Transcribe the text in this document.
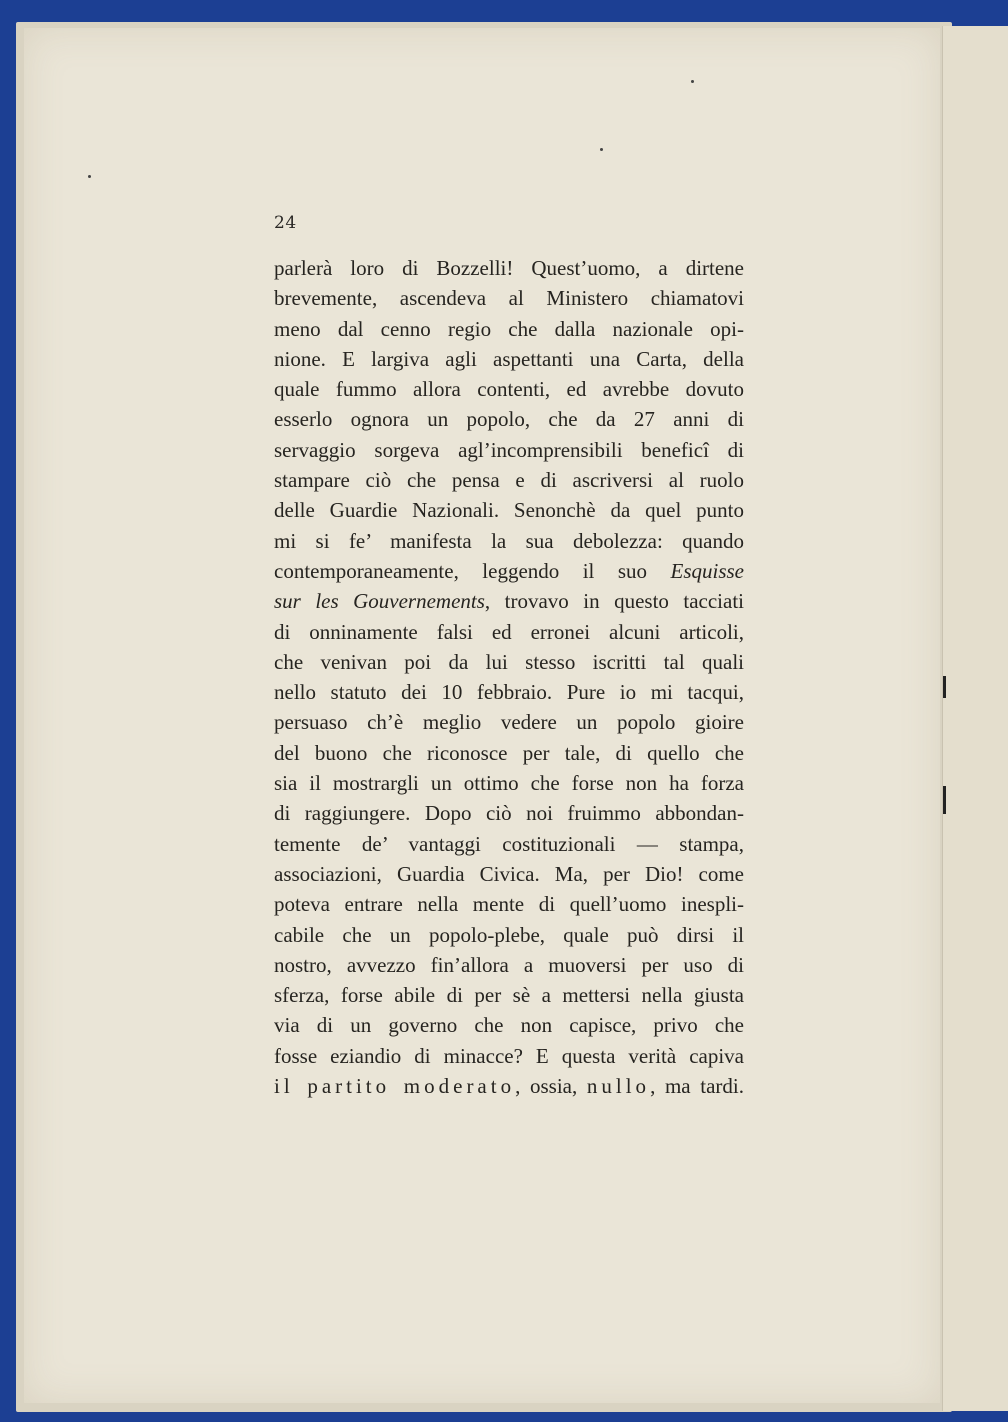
24
parlerà loro di Bozzelli! Quest’uomo, a dirtene
brevemente, ascendeva al Ministero chiamatovi
meno dal cenno regio che dalla nazionale opi-
nione. E largiva agli aspettanti una Carta, della
quale fummo allora contenti, ed avrebbe dovuto
esserlo ognora un popolo, che da 27 anni di
servaggio sorgeva agl’incomprensibili beneficî di
stampare ciò che pensa e di ascriversi al ruolo
delle Guardie Nazionali. Senonchè da quel punto
mi si fe’ manifesta la sua debolezza: quando
contemporaneamente, leggendo il suo Esquisse
sur les Gouvernements, trovavo in questo tacciati
di onninamente falsi ed erronei alcuni articoli,
che venivan poi da lui stesso iscritti tal quali
nello statuto dei 10 febbraio. Pure io mi tacqui,
persuaso ch’è meglio vedere un popolo gioire
del buono che riconosce per tale, di quello che
sia il mostrargli un ottimo che forse non ha forza
di raggiungere. Dopo ciò noi fruimmo abbondan-
temente de’ vantaggi costituzionali — stampa,
associazioni, Guardia Civica. Ma, per Dio! come
poteva entrare nella mente di quell’uomo inespli-
cabile che un popolo-plebe, quale può dirsi il
nostro, avvezzo fin’allora a muoversi per uso di
sferza, forse abile di per sè a mettersi nella giusta
via di un governo che non capisce, privo che
fosse eziandio di minacce? E questa verità capiva
il partito moderato, ossia, nullo, ma tardi.
